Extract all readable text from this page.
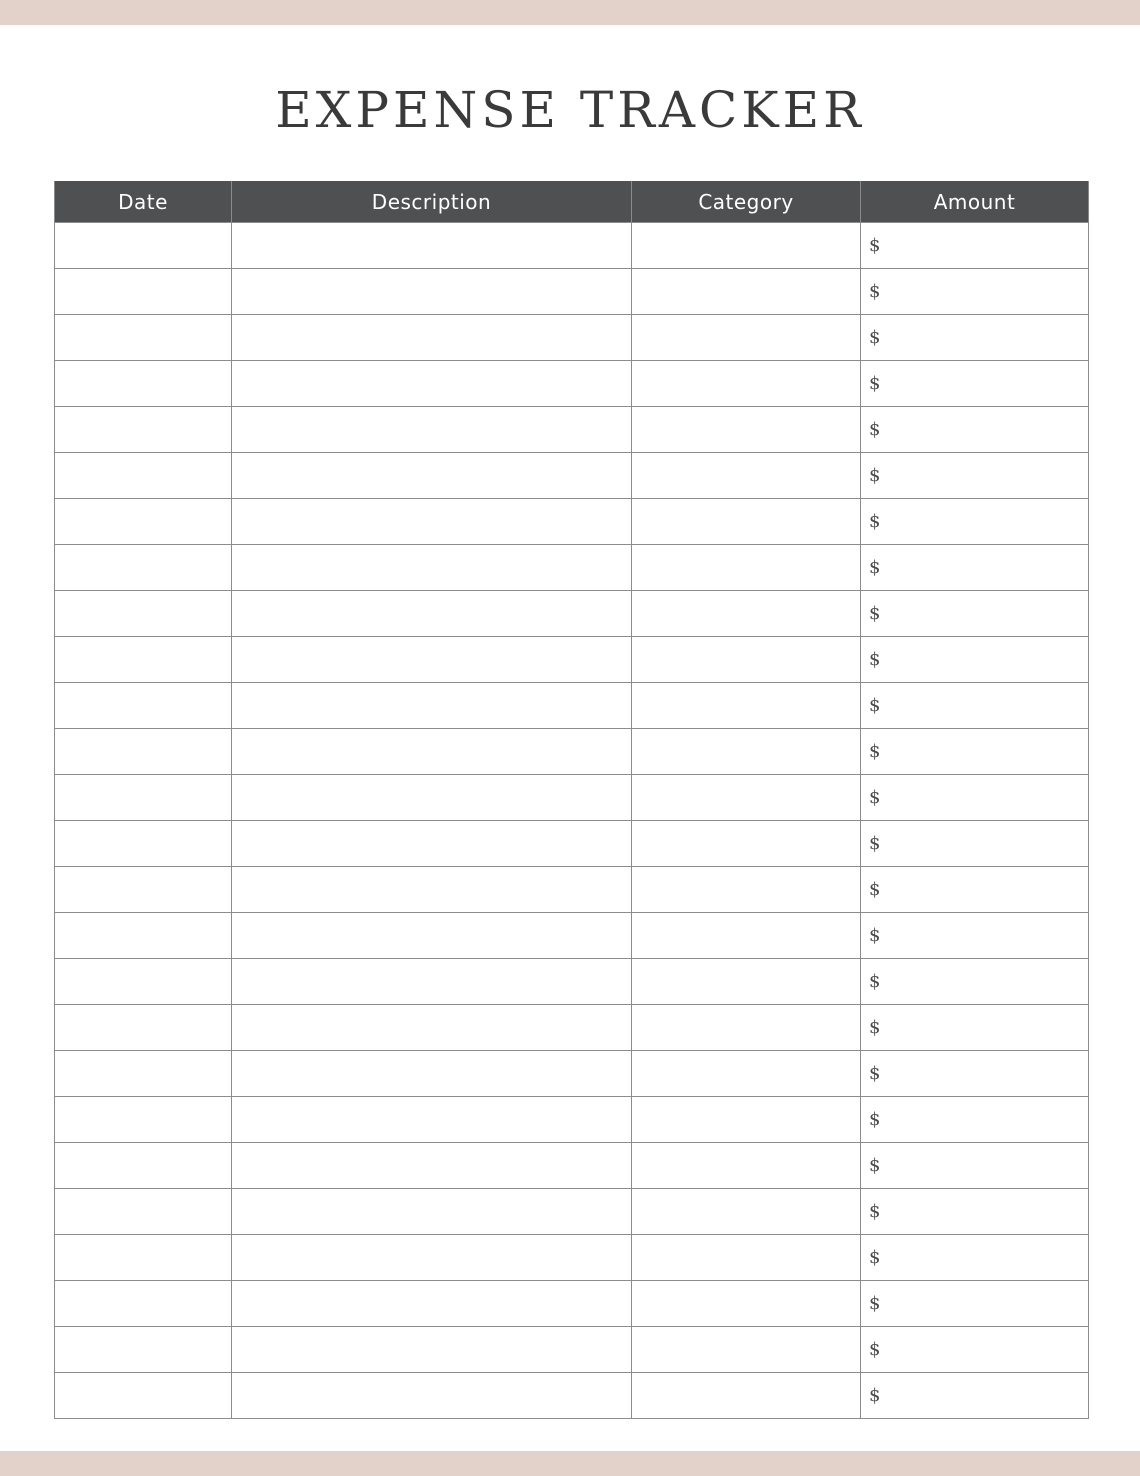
EXPENSE TRACKER
Date	Description	Category	Amount
			$
			$
			$
			$
			$
			$
			$
			$
			$
			$
			$
			$
			$
			$
			$
			$
			$
			$
			$
			$
			$
			$
			$
			$
			$
			$
